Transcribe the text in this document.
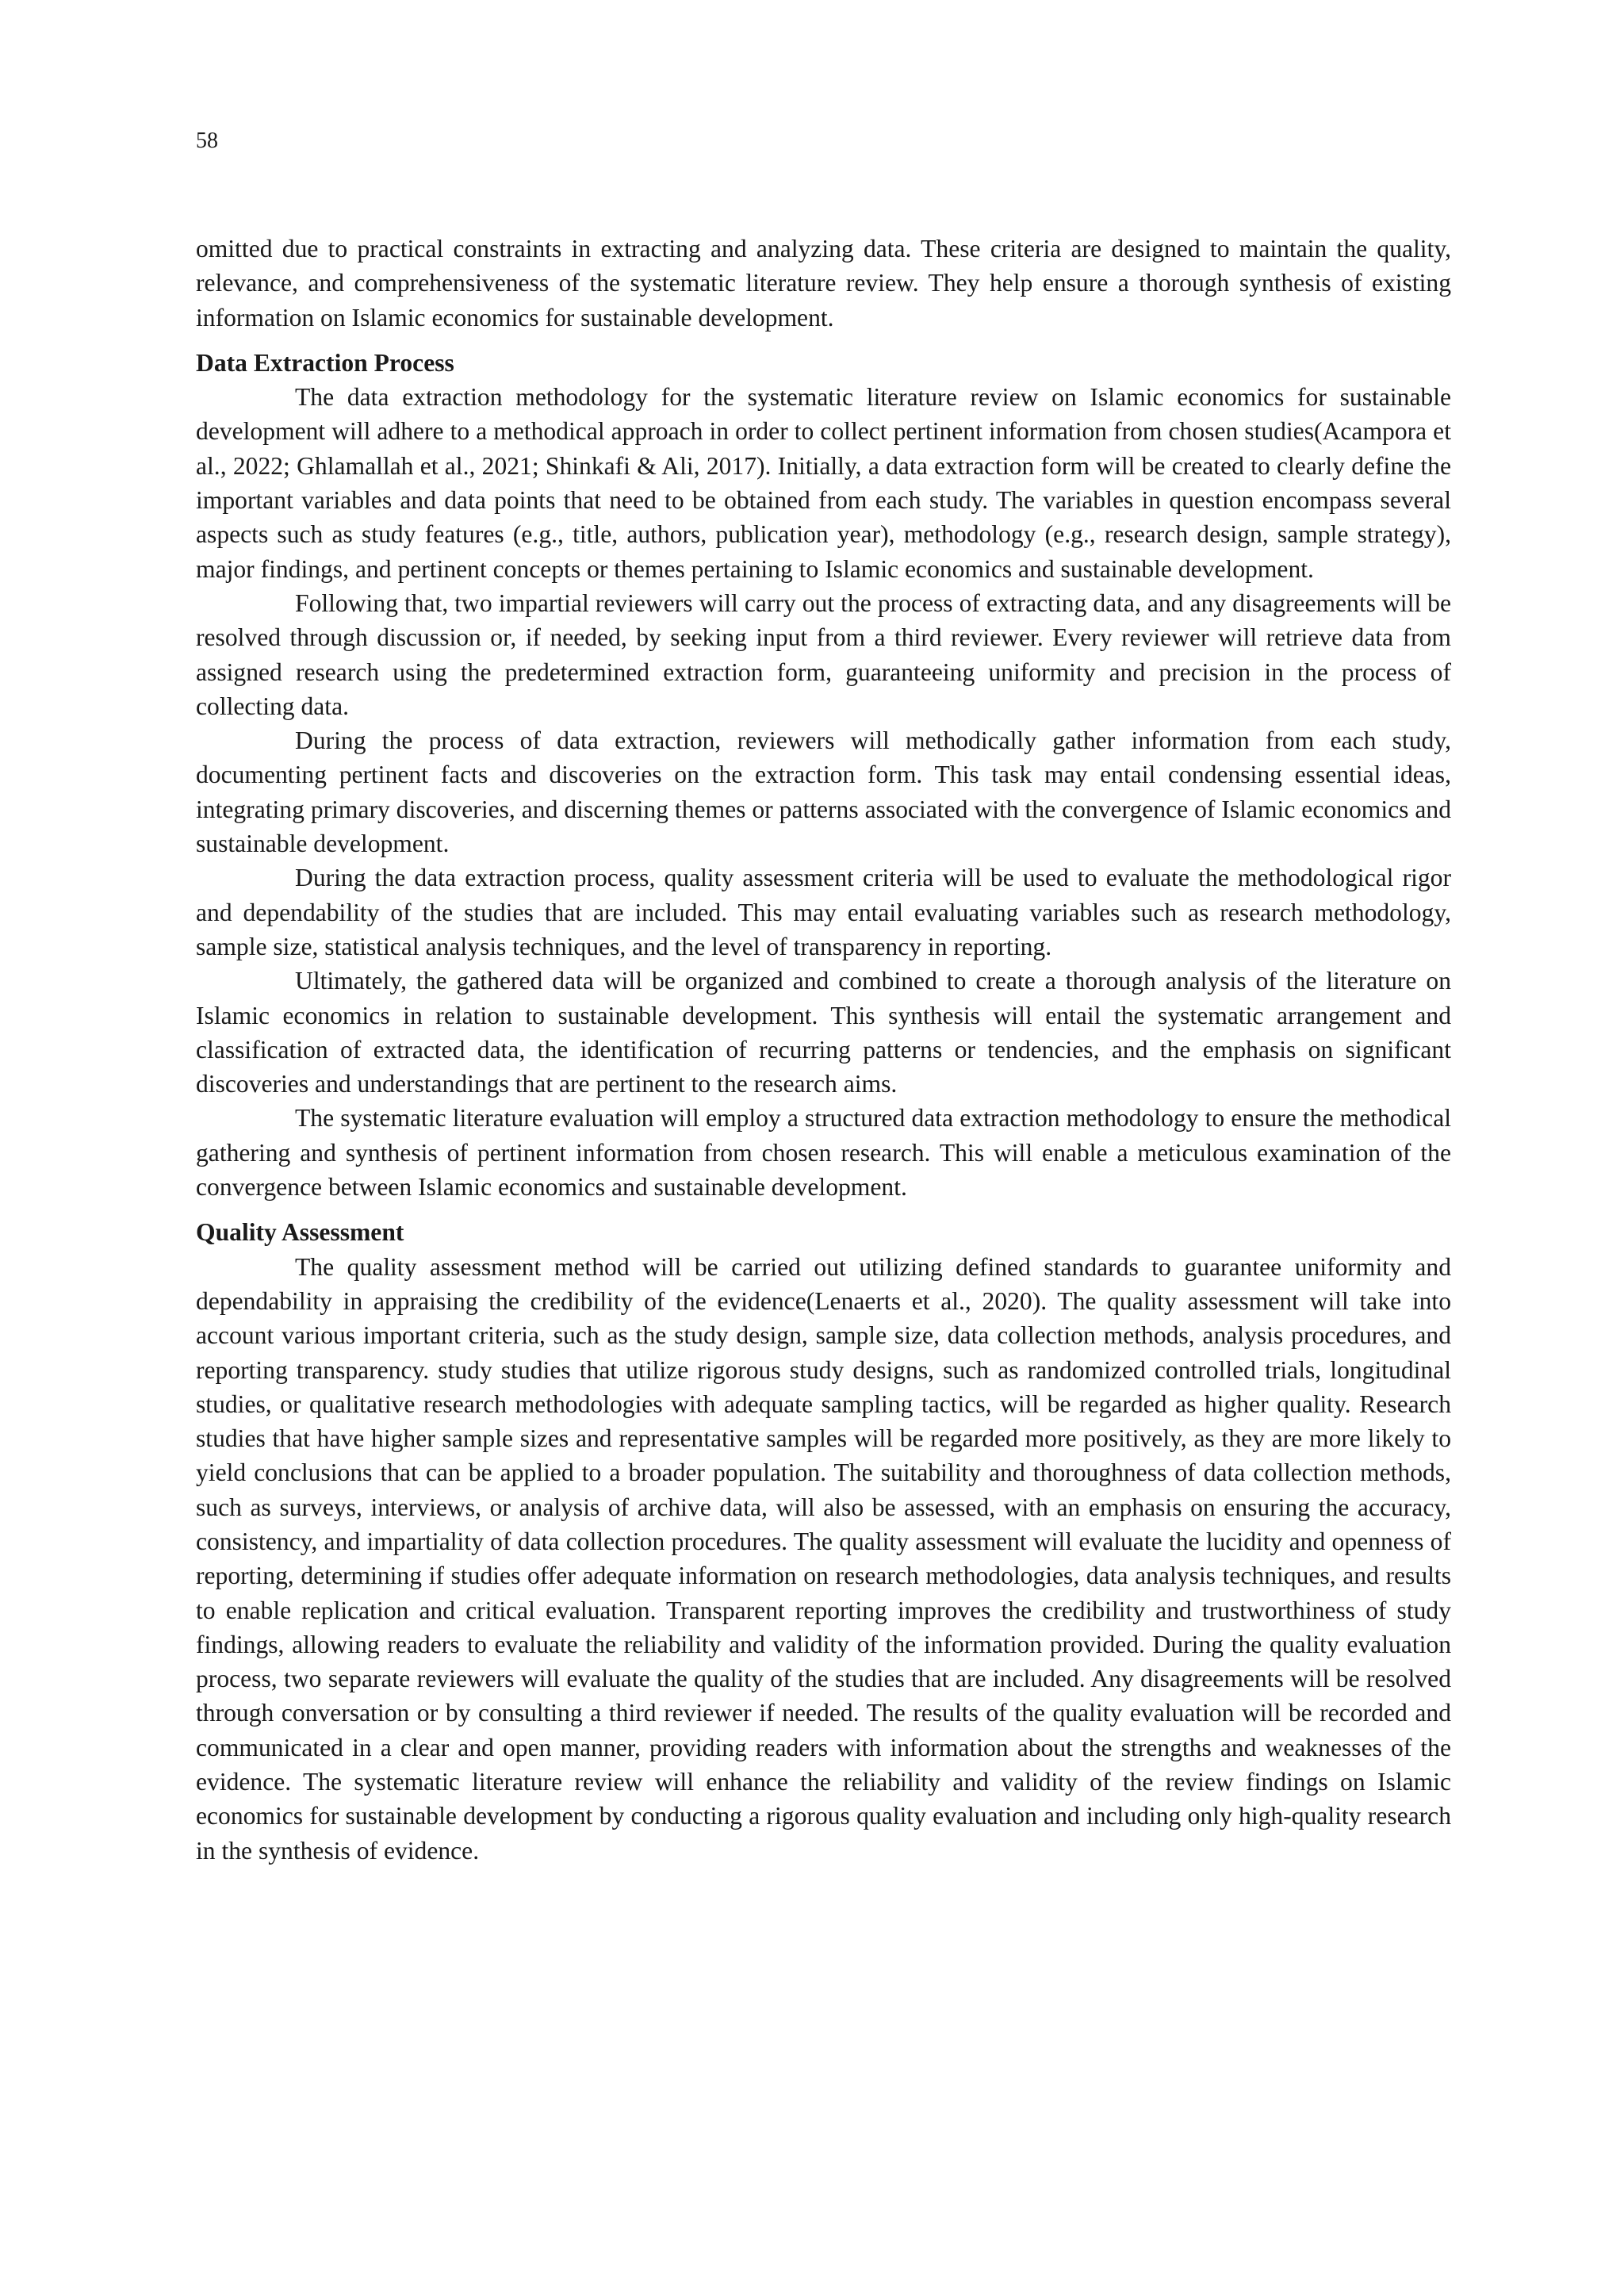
58

omitted due to practical constraints in extracting and analyzing data. These criteria are designed to maintain the quality, relevance, and comprehensiveness of the systematic literature review. They help ensure a thorough synthesis of existing information on Islamic economics for sustainable development.

Data Extraction Process

The data extraction methodology for the systematic literature review on Islamic economics for sustainable development will adhere to a methodical approach in order to collect pertinent information from chosen studies(Acampora et al., 2022; Ghlamallah et al., 2021; Shinkafi & Ali, 2017). Initially, a data extraction form will be created to clearly define the important variables and data points that need to be obtained from each study. The variables in question encompass several aspects such as study features (e.g., title, authors, publication year), methodology (e.g., research design, sample strategy), major findings, and pertinent concepts or themes pertaining to Islamic economics and sustainable development.

Following that, two impartial reviewers will carry out the process of extracting data, and any disagreements will be resolved through discussion or, if needed, by seeking input from a third reviewer. Every reviewer will retrieve data from assigned research using the predetermined extraction form, guaranteeing uniformity and precision in the process of collecting data.

During the process of data extraction, reviewers will methodically gather information from each study, documenting pertinent facts and discoveries on the extraction form. This task may entail condensing essential ideas, integrating primary discoveries, and discerning themes or patterns associated with the convergence of Islamic economics and sustainable development.

During the data extraction process, quality assessment criteria will be used to evaluate the methodological rigor and dependability of the studies that are included. This may entail evaluating variables such as research methodology, sample size, statistical analysis techniques, and the level of transparency in reporting.

Ultimately, the gathered data will be organized and combined to create a thorough analysis of the literature on Islamic economics in relation to sustainable development. This synthesis will entail the systematic arrangement and classification of extracted data, the identification of recurring patterns or tendencies, and the emphasis on significant discoveries and understandings that are pertinent to the research aims.

The systematic literature evaluation will employ a structured data extraction methodology to ensure the methodical gathering and synthesis of pertinent information from chosen research. This will enable a meticulous examination of the convergence between Islamic economics and sustainable development.

Quality Assessment

The quality assessment method will be carried out utilizing defined standards to guarantee uniformity and dependability in appraising the credibility of the evidence(Lenaerts et al., 2020). The quality assessment will take into account various important criteria, such as the study design, sample size, data collection methods, analysis procedures, and reporting transparency. study studies that utilize rigorous study designs, such as randomized controlled trials, longitudinal studies, or qualitative research methodologies with adequate sampling tactics, will be regarded as higher quality. Research studies that have higher sample sizes and representative samples will be regarded more positively, as they are more likely to yield conclusions that can be applied to a broader population. The suitability and thoroughness of data collection methods, such as surveys, interviews, or analysis of archive data, will also be assessed, with an emphasis on ensuring the accuracy, consistency, and impartiality of data collection procedures. The quality assessment will evaluate the lucidity and openness of reporting, determining if studies offer adequate information on research methodologies, data analysis techniques, and results to enable replication and critical evaluation. Transparent reporting improves the credibility and trustworthiness of study findings, allowing readers to evaluate the reliability and validity of the information provided. During the quality evaluation process, two separate reviewers will evaluate the quality of the studies that are included. Any disagreements will be resolved through conversation or by consulting a third reviewer if needed. The results of the quality evaluation will be recorded and communicated in a clear and open manner, providing readers with information about the strengths and weaknesses of the evidence. The systematic literature review will enhance the reliability and validity of the review findings on Islamic economics for sustainable development by conducting a rigorous quality evaluation and including only high-quality research in the synthesis of evidence.
